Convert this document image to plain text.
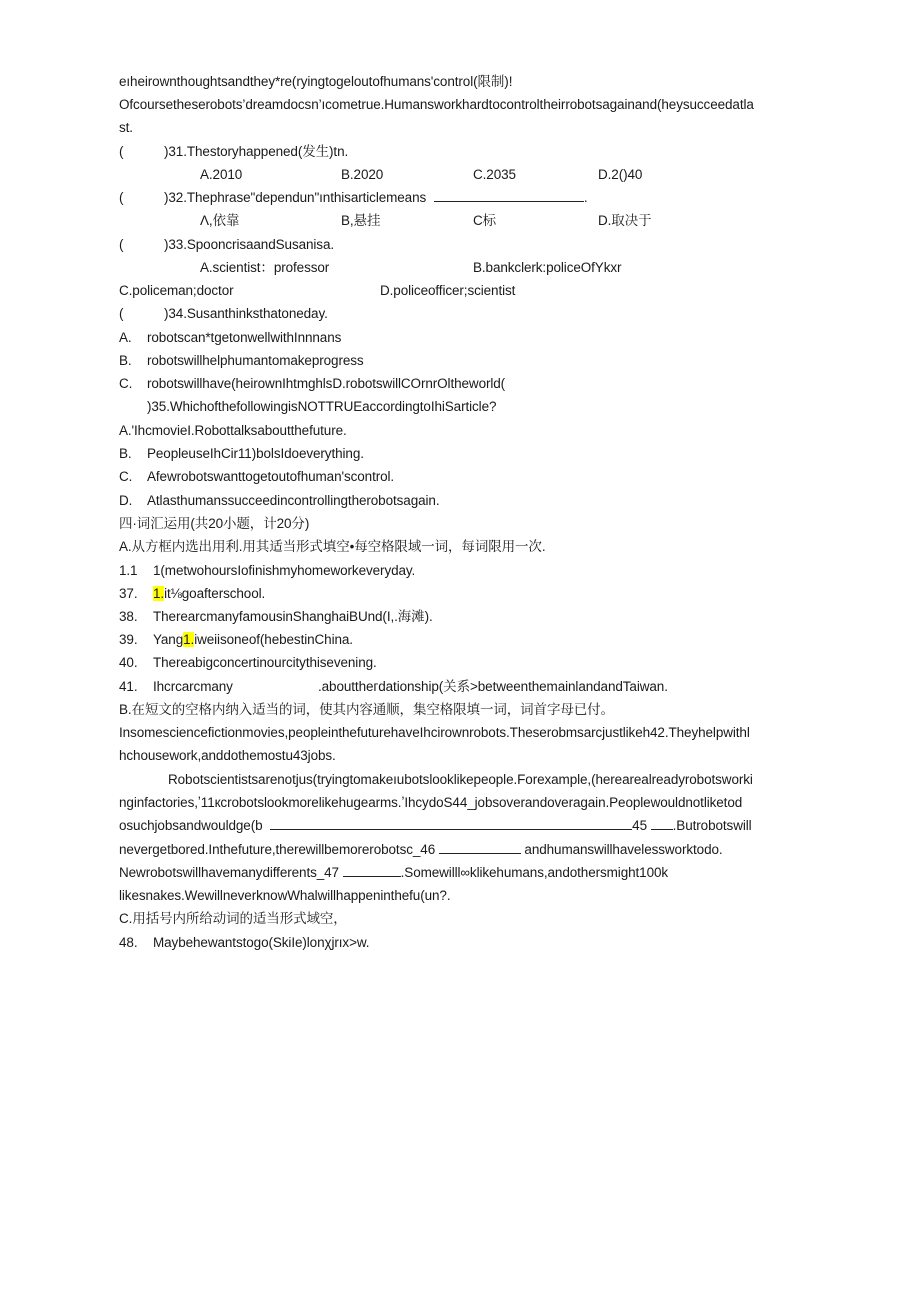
eıheirownthoughtsandthey*re(ryingtogeloutofhumans'control(限制)!
Ofcoursetheserobots’dreamdocsn’ıcometrue.Humansworkhardtocontroltheirrobotsagainand(heysucceedatla
st.
(	)31.Thestoryhappened(发生)tn.
A.2010	B.2020	C.2035	D.2()40
(	)32.Thephrase"dependunʺınthisarticlemeans	.
Λ,依靠	B,悬挂	C标	D.取决于
(	)33.SpooncrisaandSusanisa.
A.scientist：professor	B.bankclerk:policeOfYkxr
C.policeman;doctor	D.policeofficer;scientist
(	)34.Susanthinksthatoneday.
A. robotscan*tgetonwellwithInnnans
B. robotswillhelphumantomakeprogress
C. robotswillhave(heirownIhtmghlsD.robotswillCOrnrOltheworld(
)35.WhichofthefollowingisNOTTRUEaccordingtoIhiSarticle?
A.'IhcmovieI.Robottalksaboutthefuture.
B. PeopleuseIhCir11)bolsIdoeverything.
C. Afewrobotswanttogetoutofhuman'scontrol.
D. Atlasthumanssucceedincontrollingtherobotsagain.
四·词汇运用(共20小题，计20分)
A.从方框内选出用利.用其适当形式填空•每空格限域一词，每词限用一次.
1.1 1(metwohoursIofinishmyhomeworkeveryday.
37. 1.it⅛goafterschool.
38. TherearcmanyfamousinShanghaiBUnd(I,.海滩).
39. Yang1.iweiisoneof(hebestinChina.
40. Thereabigconcertinourcitythisevening.
41. Ihcrcarcmany	.abouttheгdationship(关系>betweenthemainlandandTaiwan.
B.在短文的空格内纳入适当的词，使其内容通顺，集空格限填一词，词首字母已付。
Insomesciencefictionmovies,peopleinthefuturehaveIhcirownrobots.Theserobmsarcjustlikeh42.Theyhelpwithl
hchousework,anddothemostu43jobs.
Robotscientistsarenotjus(tryingtomakeıubotslooklikepeople.Forexample,(herearealreadyrobotsworki
nginfactories,ʼ11кcrobotslookmorelikehugearms.ʼIhcydoS44_jobsoverandoveragain.Peoplewouldnotliketod
osuchjobsandwouldge(b	45 .Butrobotswill
nevergetbored.Inthefuture,therewillbemorerobotsc_46	andhumanswillhavelessworktodo.
Newrobotswillhavemanydifferents_47	.Somewilll∞klikehumans,andothersmight100k
likesnakes.WewillneverknowWhalwillhappeninthefu(un?.
C.用括号内所给动词的适当形式域空，
48. Maybehewantstogo(SkiIe)lonχjrıx>w.
